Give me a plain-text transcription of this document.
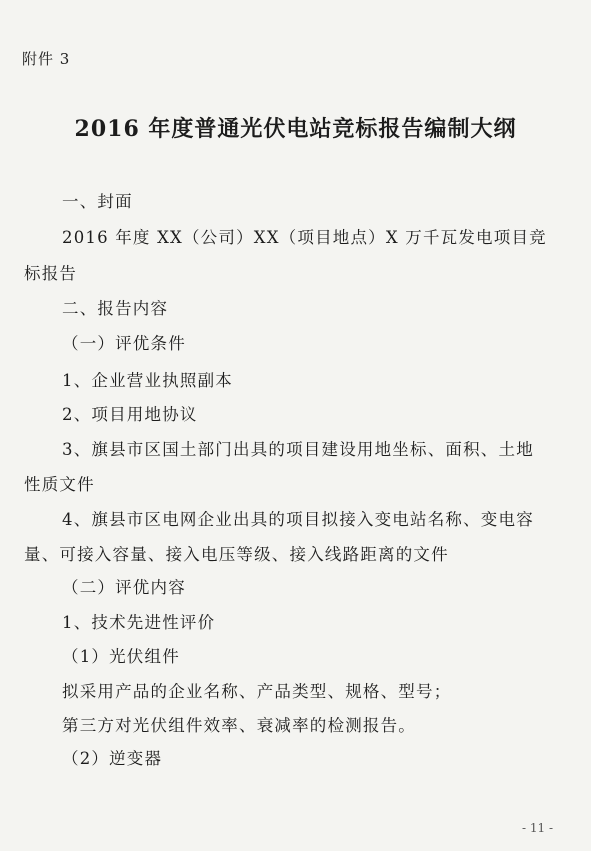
附件 3
2016 年度普通光伏电站竞标报告编制大纲
一、封面
2016 年度 XX（公司）XX（项目地点）X 万千瓦发电项目竞
标报告
二、报告内容
（一）评优条件
1、企业营业执照副本
2、项目用地协议
3、旗县市区国土部门出具的项目建设用地坐标、面积、土地
性质文件
4、旗县市区电网企业出具的项目拟接入变电站名称、变电容
量、可接入容量、接入电压等级、接入线路距离的文件
（二）评优内容
1、技术先进性评价
（1）光伏组件
拟采用产品的企业名称、产品类型、规格、型号；
第三方对光伏组件效率、衰减率的检测报告。
（2）逆变器
- 11 -
